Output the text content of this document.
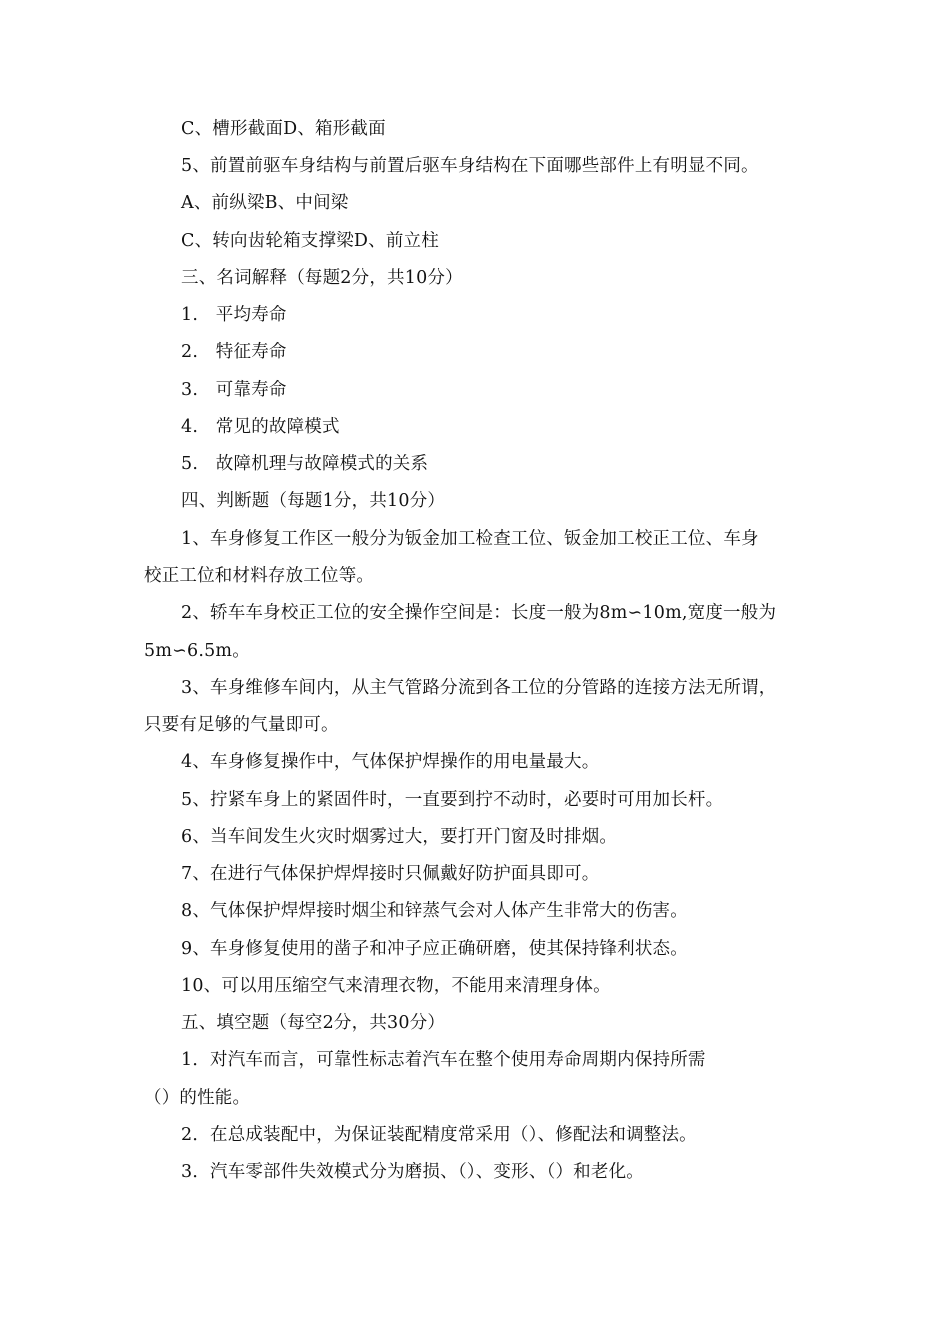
C、槽形截面D、箱形截面
5、前置前驱车身结构与前置后驱车身结构在下面哪些部件上有明显不同。
A、前纵梁B、中间梁
C、转向齿轮箱支撑梁D、前立柱
三、名词解释（每题2分，共10分）
1.　平均寿命
2.　特征寿命
3.　可靠寿命
4.　常见的故障模式
5.　故障机理与故障模式的关系
四、判断题（每题1分，共10分）
1、车身修复工作区一般分为钣金加工检查工位、钣金加工校正工位、车身
校正工位和材料存放工位等。
2、轿车车身校正工位的安全操作空间是：长度一般为8m∽10m,宽度一般为
5m∽6.5m。
3、车身维修车间内，从主气管路分流到各工位的分管路的连接方法无所谓，
只要有足够的气量即可。
4、车身修复操作中，气体保护焊操作的用电量最大。
5、拧紧车身上的紧固件时，一直要到拧不动时，必要时可用加长杆。
6、当车间发生火灾时烟雾过大，要打开门窗及时排烟。
7、在进行气体保护焊焊接时只佩戴好防护面具即可。
8、气体保护焊焊接时烟尘和锌蒸气会对人体产生非常大的伤害。
9、车身修复使用的凿子和冲子应正确研磨，使其保持锋利状态。
10、可以用压缩空气来清理衣物，不能用来清理身体。
五、填空题（每空2分，共30分）
1．对汽车而言，可靠性标志着汽车在整个使用寿命周期内保持所需
（）的性能。
2．在总成装配中，为保证装配精度常采用（）、修配法和调整法。
3．汽车零部件失效模式分为磨损、（）、变形、（）和老化。
